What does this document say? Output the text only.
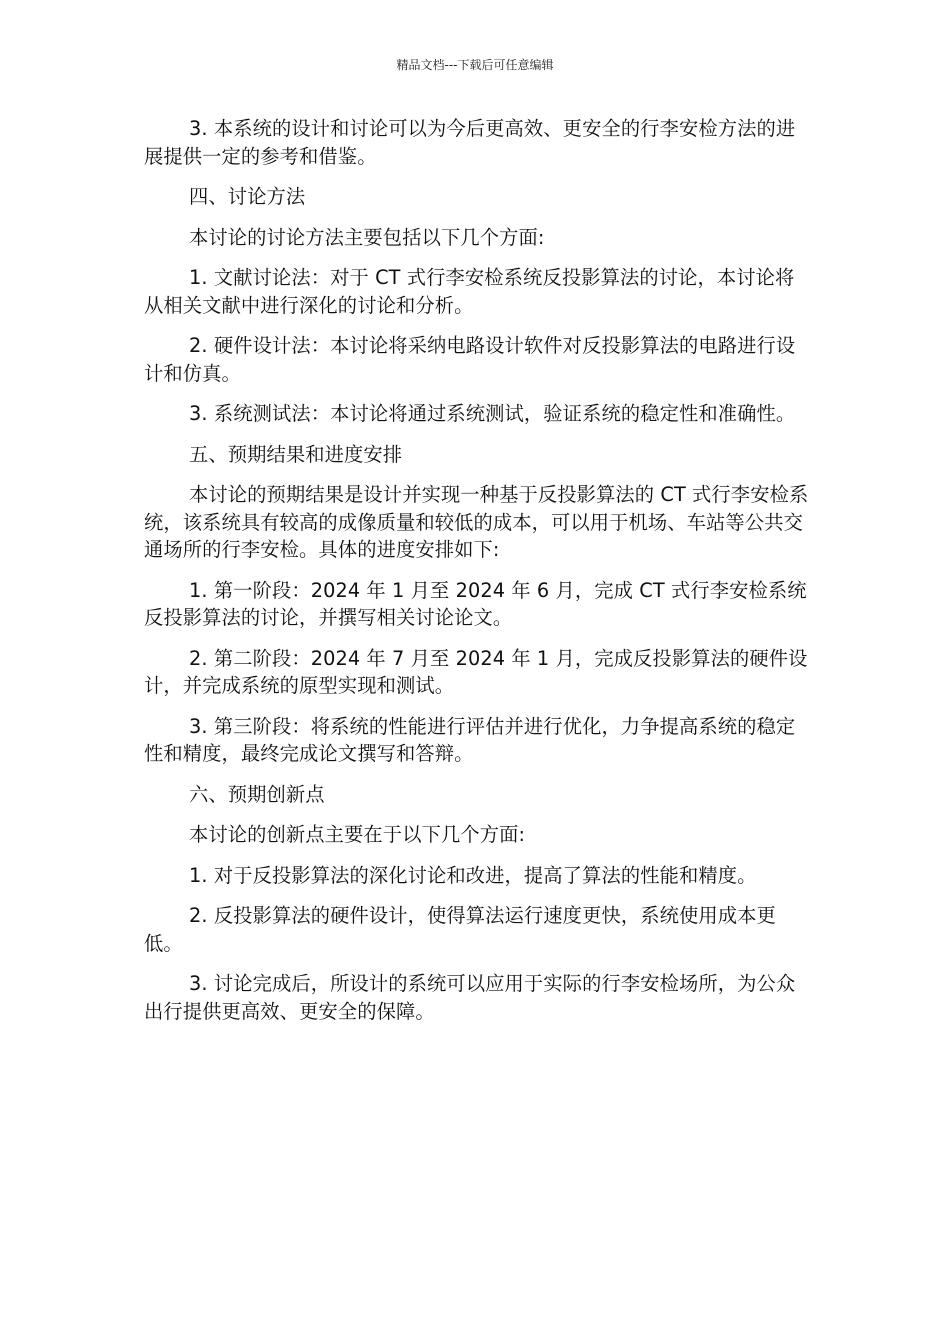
精品文档---下载后可任意编辑

3. 本系统的设计和讨论可以为今后更高效、更安全的行李安检方法的进展提供一定的参考和借鉴。

四、讨论方法

本讨论的讨论方法主要包括以下几个方面:

1. 文献讨论法：对于 CT 式行李安检系统反投影算法的讨论，本讨论将从相关文献中进行深化的讨论和分析。

2. 硬件设计法：本讨论将采纳电路设计软件对反投影算法的电路进行设计和仿真。

3. 系统测试法：本讨论将通过系统测试，验证系统的稳定性和准确性。

五、预期结果和进度安排

本讨论的预期结果是设计并实现一种基于反投影算法的 CT 式行李安检系统，该系统具有较高的成像质量和较低的成本，可以用于机场、车站等公共交通场所的行李安检。具体的进度安排如下:

1. 第一阶段：2024 年 1 月至 2024 年 6 月，完成 CT 式行李安检系统反投影算法的讨论，并撰写相关讨论论文。

2. 第二阶段：2024 年 7 月至 2024 年 1 月，完成反投影算法的硬件设计，并完成系统的原型实现和测试。

3. 第三阶段：将系统的性能进行评估并进行优化，力争提高系统的稳定性和精度，最终完成论文撰写和答辩。

六、预期创新点

本讨论的创新点主要在于以下几个方面:

1. 对于反投影算法的深化讨论和改进，提高了算法的性能和精度。

2. 反投影算法的硬件设计，使得算法运行速度更快，系统使用成本更低。

3. 讨论完成后，所设计的系统可以应用于实际的行李安检场所，为公众出行提供更高效、更安全的保障。
